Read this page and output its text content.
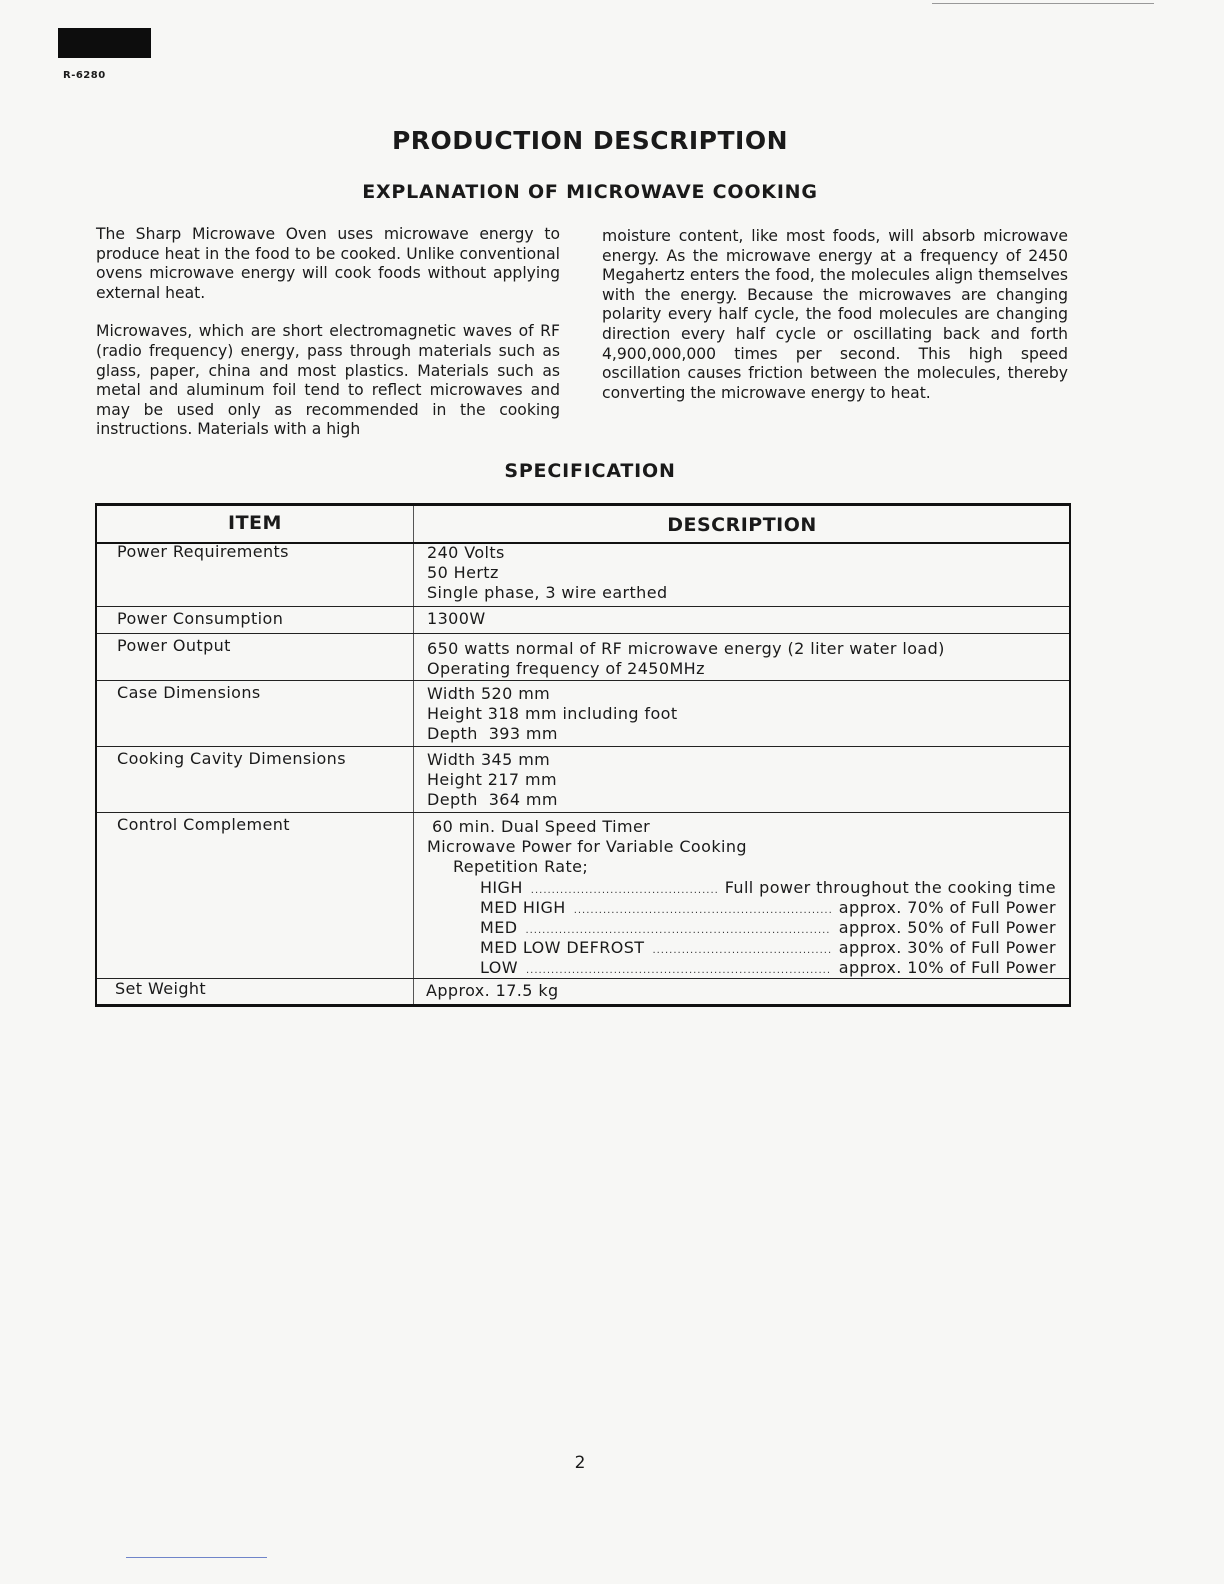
R-6280
PRODUCTION DESCRIPTION
EXPLANATION OF MICROWAVE COOKING

The Sharp Microwave Oven uses microwave energy to produce heat in the food to be cooked. Unlike conventional ovens microwave energy will cook foods without applying external heat.

Microwaves, which are short electromagnetic waves of RF (radio frequency) energy, pass through materials such as glass, paper, china and most plastics. Materials such as metal and aluminum foil tend to reflect microwaves and may be used only as recommended in the cooking instructions. Materials with a high

moisture content, like most foods, will absorb microwave energy. As the microwave energy at a frequency of 2450 Megahertz enters the food, the molecules align themselves with the energy. Because the microwaves are changing polarity every half cycle, the food molecules are changing direction every half cycle or oscillating back and forth 4,900,000,000 times per second. This high speed oscillation causes friction between the molecules, thereby converting the microwave energy to heat.

SPECIFICATION
ITEM	DESCRIPTION
Power Requirements	240 Volts
50 Hertz
Single phase, 3 wire earthed
Power Consumption	1300W
Power Output	650 watts normal of RF microwave energy (2 liter water load)
Operating frequency of 2450MHz
Case Dimensions	Width 520 mm
Height 318 mm including foot
Depth  393 mm
Cooking Cavity Dimensions	Width 345 mm
Height 217 mm
Depth  364 mm
Control Complement	60 min. Dual Speed Timer
Microwave Power for Variable Cooking
Repetition Rate;
HIGH .....	Full power throughout the cooking time
MED HIGH .....	approx. 70% of Full Power
MED .....	approx. 50% of Full Power
MED LOW DEFROST .....	approx. 30% of Full Power
LOW .....	approx. 10% of Full Power
Set Weight	Approx. 17.5 kg
2
